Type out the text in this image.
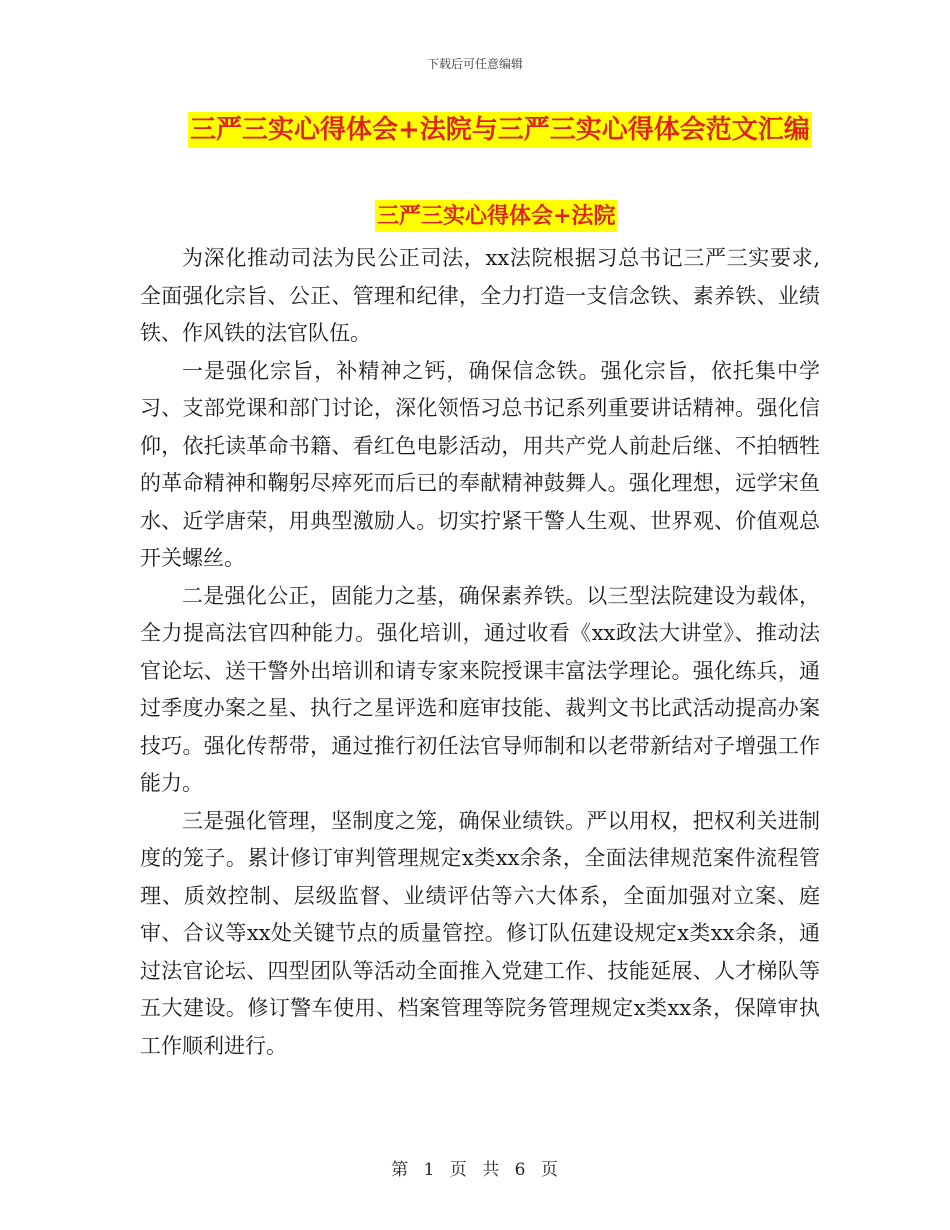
下载后可任意编辑
三严三实心得体会+法院与三严三实心得体会范文汇编
三严三实心得体会+法院

为深化推动司法为民公正司法，xx法院根据习总书记三严三实要求,全面强化宗旨、公正、管理和纪律，全力打造一支信念铁、素养铁、业绩铁、作风铁的法官队伍。

一是强化宗旨，补精神之钙，确保信念铁。强化宗旨，依托集中学习、支部党课和部门讨论，深化领悟习总书记系列重要讲话精神。强化信仰，依托读革命书籍、看红色电影活动，用共产党人前赴后继、不拍牺牲的革命精神和鞠躬尽瘁死而后已的奉献精神鼓舞人。强化理想，远学宋鱼水、近学唐荣，用典型激励人。切实拧紧干警人生观、世界观、价值观总开关螺丝。

二是强化公正，固能力之基，确保素养铁。以三型法院建设为载体，全力提高法官四种能力。强化培训，通过收看《xx政法大讲堂》、推动法官论坛、送干警外出培训和请专家来院授课丰富法学理论。强化练兵，通过季度办案之星、执行之星评选和庭审技能、裁判文书比武活动提高办案技巧。强化传帮带，通过推行初任法官导师制和以老带新结对子增强工作能力。

三是强化管理，坚制度之笼，确保业绩铁。严以用权，把权利关进制度的笼子。累计修订审判管理规定x类xx余条，全面法律规范案件流程管理、质效控制、层级监督、业绩评估等六大体系，全面加强对立案、庭审、合议等xx处关键节点的质量管控。修订队伍建设规定x类xx余条，通过法官论坛、四型团队等活动全面推入党建工作、技能延展、人才梯队等五大建设。修订警车使用、档案管理等院务管理规定x类xx条，保障审执工作顺利进行。

第 1 页 共 6 页
